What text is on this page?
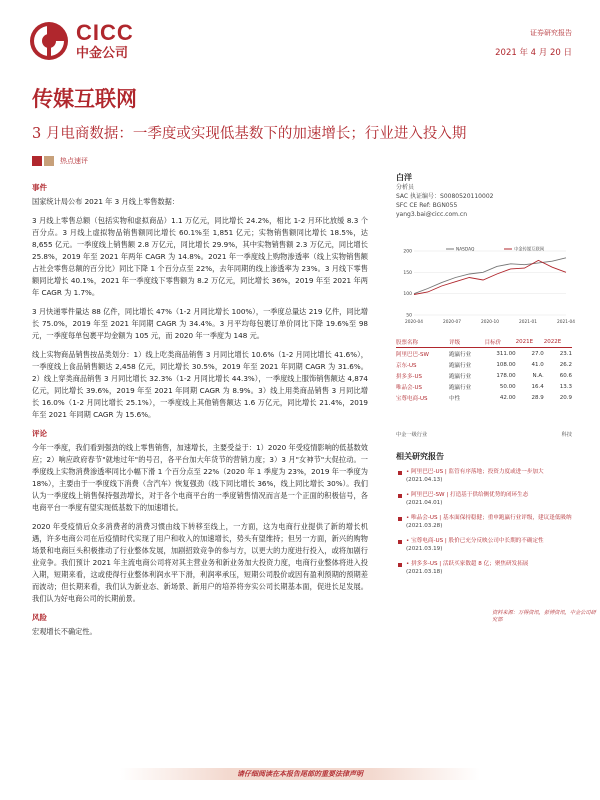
CICC
中金公司
证券研究报告
2021 年 4 月 20 日
传媒互联网
3 月电商数据：一季度或实现低基数下的加速增长；行业进入投入期
热点速评
事件
国家统计局公布 2021 年 3 月线上零售数据：
3 月线上零售总额（包括实物和虚拟商品）1.1 万亿元，同比增长 24.2%，相比 1-2 月环比放缓 8.3 个百分点。3 月线上虚拟物品销售额同比增长 60.1%至 1,851 亿元；实物销售额同比增长 18.5%，达 8,655 亿元。一季度线上销售额 2.8 万亿元，同比增长 29.9%，其中实物销售额 2.3 万亿元，同比增长 25.8%，2019 年至 2021 年两年 CAGR 为 14.8%。2021 年一季度线上购物渗透率（线上实物销售额占社会零售总额的百分比）同比下降 1 个百分点至 22%，去年同期的线上渗透率为 23%。3 月线下零售额同比增长 40.1%，2021 年一季度线下零售额为 8.2 万亿元，同比增长 36%，2019 年至 2021 年两年 CAGR 为 1.7%。
3 月快递零件量达 88 亿件，同比增长 47%（1-2 月同比增长 100%），一季度总量达 219 亿件，同比增长 75.0%，2019 年至 2021 年同期 CAGR 为 34.4%。3 月平均每包裹订单价同比下降 19.6%至 98 元，一季度每单包裹平均金额为 105 元，而 2020 年一季度为 148 元。
线上实物商品销售按品类划分：1）线上吃类商品销售 3 月同比增长 10.6%（1-2 月同比增长 41.6%），一季度线上食品销售额达 2,458 亿元，同比增长 30.5%，2019 年至 2021 年同期 CAGR 为 31.6%。2）线上穿类商品销售 3 月同比增长 32.3%（1-2 月同比增长 44.3%），一季度线上服饰销售额达 4,874 亿元，同比增长 39.6%，2019 年至 2021 年同期 CAGR 为 8.9%。3）线上用类商品销售 3 月同比增长 16.0%（1-2 月同比增长 25.1%），一季度线上其他销售额达 1.6 万亿元，同比增长 21.4%，2019 年至 2021 年同期 CAGR 为 15.6%。
评论
今年一季度，我们看到强劲的线上零售销售，加速增长，主要受益于：1）2020 年受疫情影响的低基数效应；2）响应政府春节"就地过年"的号召，各平台加大年货节的营销力度；3）3 月"女神节"大促拉动。一季度线上实物消费渗透率同比小幅下滑 1 个百分点至 22%（2020 年 1 季度为 23%，2019 年一季度为 18%），主要由于一季度线下消费（含汽车）恢复强劲（线下同比增长 36%，线上同比增长 30%）。我们认为一季度线上销售保持强劲增长，对于各个电商平台的一季度销售情况而言是一个正面的积极信号，各电商平台一季度有望实现低基数下的加速增长。
2020 年受疫情后众多消费者的消费习惯由线下转移至线上，一方面，这为电商行业提供了新的增长机遇，许多电商公司在后疫情时代实现了用户和收入的加速增长，势头有望维持；但另一方面，新兴的购物场景和电商巨头积极推动了行业整体发展，加剧招致竞争的参与方，以更大的力度进行投入，或将加剧行业竞争。我们预计 2021 年主流电商公司将对其主营业务和新业务加大投资力度，电商行业整体将进入投入期，短期来看，这或使得行业整体利润水平下滑，利润率承压，短期公司股价或因有盈利预期的预期差而波动；但长期来看，我们认为新业态、新场景、新用户的培养将夯实公司长期基本面，促进长足发展。我们认为好电商公司的长期前景。
风险
宏观增长不确定性。
白洋
分析员
SAC 执证编号：S0080520110002
SFC CE Ref: BGN055
yang3.bai@cicc.com.cn
200
150
100
50
2020-04	2020-07	2020-10	2021-01	2021-04
NASDAQ	中金传媒互联网
股票名称	评级	目标价	2021E	2022E
阿里巴巴-SW	跑赢行业	311.00	27.0	23.1
京东-US	跑赢行业	108.00	41.0	26.2
拼多多-US	跑赢行业	178.00	N.A.	60.6
唯品会-US	跑赢行业	50.00	16.4	13.3
宝尊电商-US	中性	42.00	28.9	20.9
中金一级行业	科技
相关研究报告
• 阿里巴巴-US | 监管有序落地；投资力度或进一步加大
(2021.04.13)
• 阿里巴巴-SW | 打造基于供给侧优势的闭环生态
(2021.04.01)
• 唯品会-US | 基本面保持稳健；重申跑赢行业评级，建议逢低吸纳
(2021.03.28)
• 宝尊电商-US | 股价已充分反映公司中长期的不确定性
(2021.03.19)
• 拼多多-US | 活跃买家数超 8 亿；聚焦研发拓展
(2021.03.18)
资料来源：万得资讯，彭博资讯，中金公司研究部
请仔细阅读在本报告尾部的重要法律声明
